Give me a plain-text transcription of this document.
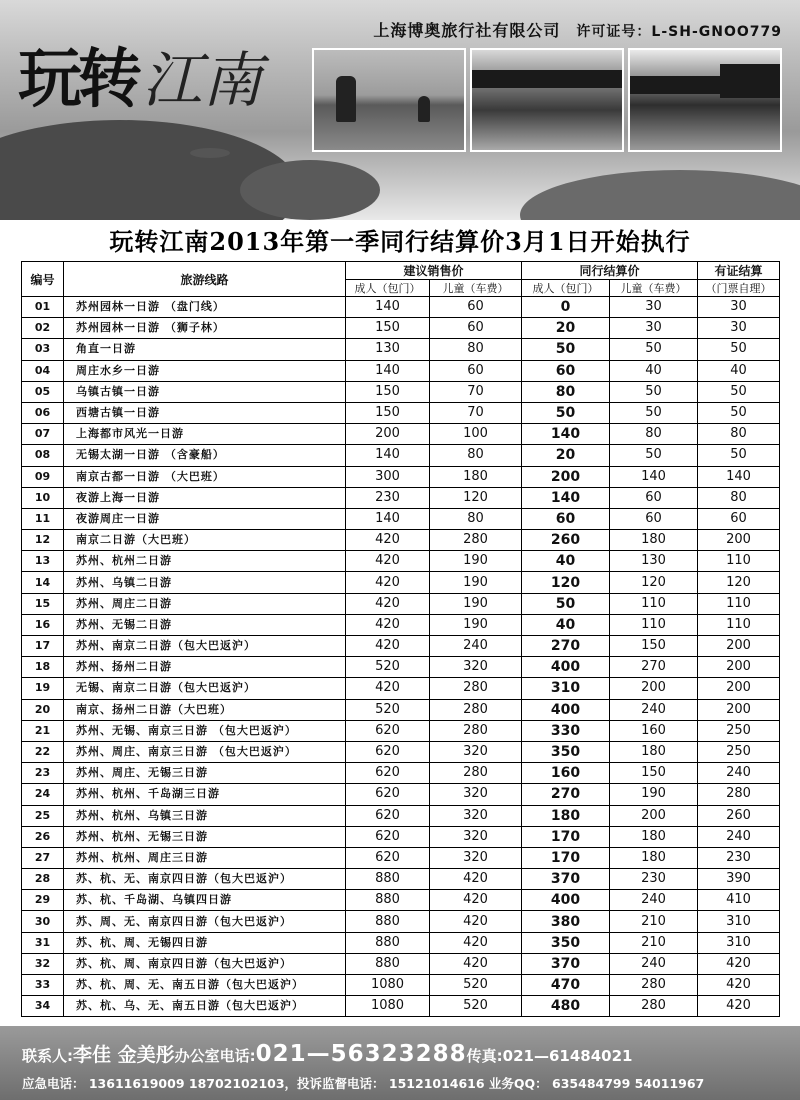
上海博奥旅行社有限公司 许可证号：L-SH-GNOO779
玩转江南
玩转江南2013年第一季同行结算价3月1日开始执行
编号	旅游线路	建议销售价		同行结算价		有证结算
		成人（包门）	儿童（车费）	成人（包门）	儿童（车费）	（门票自理）
01	苏州园林一日游 （盘门线）	140	60	0	30	30
02	苏州园林一日游 （狮子林）	150	60	20	30	30
03	角直一日游	130	80	50	50	50
04	周庄水乡一日游	140	60	60	40	40
05	乌镇古镇一日游	150	70	80	50	50
06	西塘古镇一日游	150	70	50	50	50
07	上海都市风光一日游	200	100	140	80	80
08	无锡太湖一日游 （含豪船）	140	80	20	50	50
09	南京古都一日游 （大巴班）	300	180	200	140	140
10	夜游上海一日游	230	120	140	60	80
11	夜游周庄一日游	140	80	60	60	60
12	南京二日游（大巴班）	420	280	260	180	200
13	苏州、杭州二日游	420	190	40	130	110
14	苏州、乌镇二日游	420	190	120	120	120
15	苏州、周庄二日游	420	190	50	110	110
16	苏州、无锡二日游	420	190	40	110	110
17	苏州、南京二日游（包大巴返沪）	420	240	270	150	200
18	苏州、扬州二日游	520	320	400	270	200
19	无锡、南京二日游（包大巴返沪）	420	280	310	200	200
20	南京、扬州二日游（大巴班）	520	280	400	240	200
21	苏州、无锡、南京三日游 （包大巴返沪）	620	280	330	160	250
22	苏州、周庄、南京三日游 （包大巴返沪）	620	320	350	180	250
23	苏州、周庄、无锡三日游	620	280	160	150	240
24	苏州、杭州、千岛湖三日游	620	320	270	190	280
25	苏州、杭州、乌镇三日游	620	320	180	200	260
26	苏州、杭州、无锡三日游	620	320	170	180	240
27	苏州、杭州、周庄三日游	620	320	170	180	230
28	苏、杭、无、南京四日游（包大巴返沪）	880	420	370	230	390
29	苏、杭、千岛湖、乌镇四日游	880	420	400	240	410
30	苏、周、无、南京四日游（包大巴返沪）	880	420	380	210	310
31	苏、杭、周、无锡四日游	880	420	350	210	310
32	苏、杭、周、南京四日游（包大巴返沪）	880	420	370	240	420
33	苏、杭、周、无、南五日游（包大巴返沪）	1080	520	470	280	420
34	苏、杭、乌、无、南五日游（包大巴返沪）	1080	520	480	280	420
联系人:李佳 金美彤办公室电话:021—56323288传真:021—61484021
应急电话： 13611619009 18702102103，投诉监督电话： 15121014616 业务QQ： 635484799 54011967
